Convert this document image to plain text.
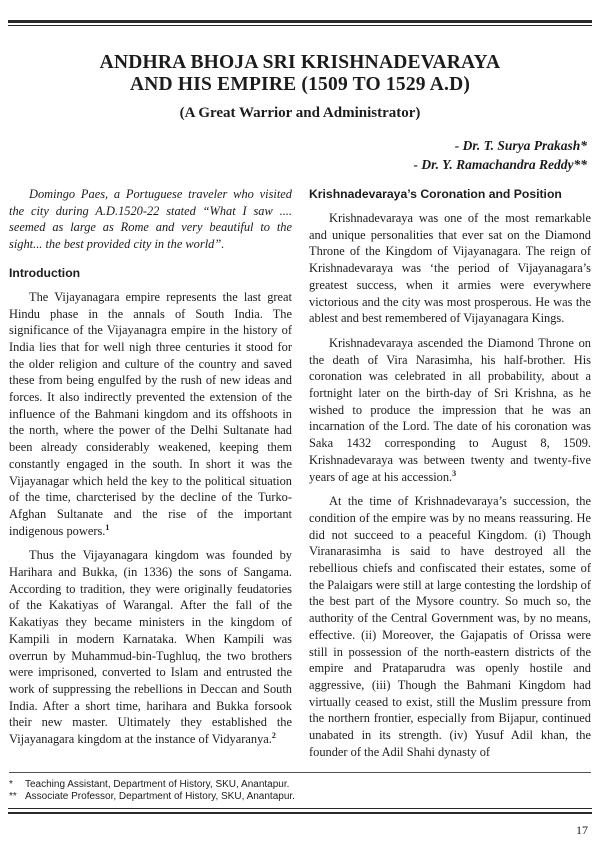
ANDHRA BHOJA SRI KRISHNADEVARAYA
AND HIS EMPIRE (1509 TO 1529 A.D)
(A Great Warrior and Administrator)
- Dr. T. Surya Prakash*
- Dr. Y. Ramachandra Reddy**

Domingo Paes, a Portuguese traveler who visited the city during A.D.1520-22 stated “What I saw .... seemed as large as Rome and very beautiful to the sight... the best provided city in the world”.

Introduction

The Vijayanagara empire represents the last great Hindu phase in the annals of South India. The significance of the Vijayanagra empire in the history of India lies that for well nigh three centuries it stood for the older religion and culture of the country and saved these from being engulfed by the rush of new ideas and forces. It also indirectly prevented the extension of the influence of the Bahmani kingdom and its offshoots in the north, where the power of the Delhi Sultanate had been already considerably weakened, keeping them constantly engaged in the south. In short it was the Vijayanagar which held the key to the political situation of the time, charcterised by the decline of the Turko-Afghan Sultanate and the rise of the important indigenous powers.$^1$

Thus the Vijayanagara kingdom was founded by Harihara and Bukka, (in 1336) the sons of Sangama. According to tradition, they were originally feudatories of the Kakatiyas of Warangal. After the fall of the Kakatiyas they became ministers in the kingdom of Kampili in modern Karnataka. When Kampili was overrun by Muhammud-bin-Tughluq, the two brothers were imprisoned, converted to Islam and entrusted the work of suppressing the rebellions in Deccan and South India. After a short time, harihara and Bukka forsook their new master. Ultimately they established the Vijayanagara kingdom at the instance of Vidyaranya.$^2$

Krishnadevaraya’s Coronation and Position

Krishnadevaraya was one of the most remarkable and unique personalities that ever sat on the Diamond Throne of the Kingdom of Vijayanagara. The reign of Krishnadevaraya was ‘the period of Vijayanagara’s greatest success, when it armies were everywhere victorious and the city was most prosperous. He was the ablest and best remembered of Vijayanagara Kings.

Krishnadevaraya ascended the Diamond Throne on the death of Vira Narasimha, his half-brother. His coronation was celebrated in all probability, about a fortnight later on the birth-day of Sri Krishna, as he wished to produce the impression that he was an incarnation of the Lord. The date of his coronation was Saka 1432 corresponding to August 8, 1509. Krishnadevaraya was between twenty and twenty-five years of age at his accession.$^3$

At the time of Krishnadevaraya’s succession, the condition of the empire was by no means reassuring. He did not succeed to a peaceful Kingdom. (i) Though Viranarasimha is said to have destroyed all the rebellious chiefs and confiscated their estates, some of the Palaigars were still at large contesting the lordship of the best part of the Mysore country. So much so, the authority of the Central Government was, by no means, effective. (ii) Moreover, the Gajapatis of Orissa were still in possession of the north-eastern districts of the empire and Prataparudra was openly hostile and aggressive, (iii) Though the Bahmani Kingdom had virtually ceased to exist, still the Muslim pressure from the northern frontier, especially from Bijapur, continued unabated in its strength. (iv) Yusuf Adil khan, the founder of the Adil Shahi dynasty of

*	Teaching Assistant, Department of History, SKU, Anantapur.
** Associate Professor, Department of History, SKU, Anantapur.
17
